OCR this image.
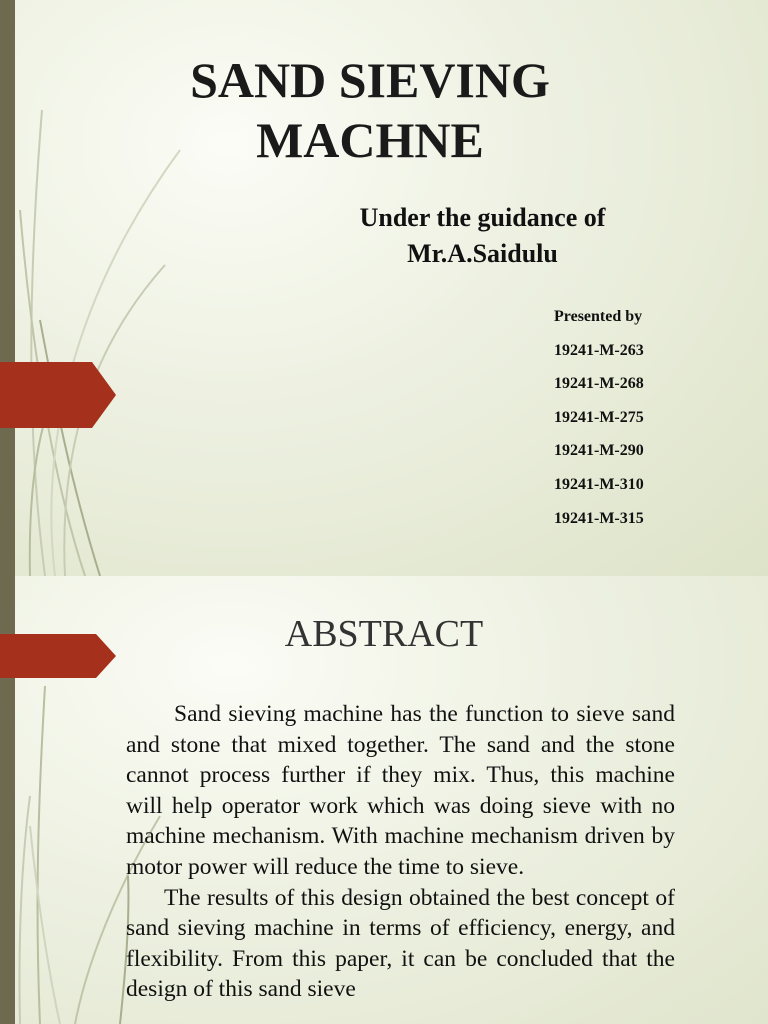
SAND SIEVING MACHNE
Under the guidance of
Mr.A.Saidulu
Presented by
19241-M-263
19241-M-268
19241-M-275
19241-M-290
19241-M-310
19241-M-315
ABSTRACT

Sand sieving machine has the function to sieve sand and stone that mixed together. The sand and the stone cannot process further if they mix. Thus, this machine will help operator work which was doing sieve with no machine mechanism. With machine mechanism driven by motor power will reduce the time to sieve.

The results of this design obtained the best concept of sand sieving machine in terms of efficiency, energy, and flexibility. From this paper, it can be concluded that the design of this sand sieve
